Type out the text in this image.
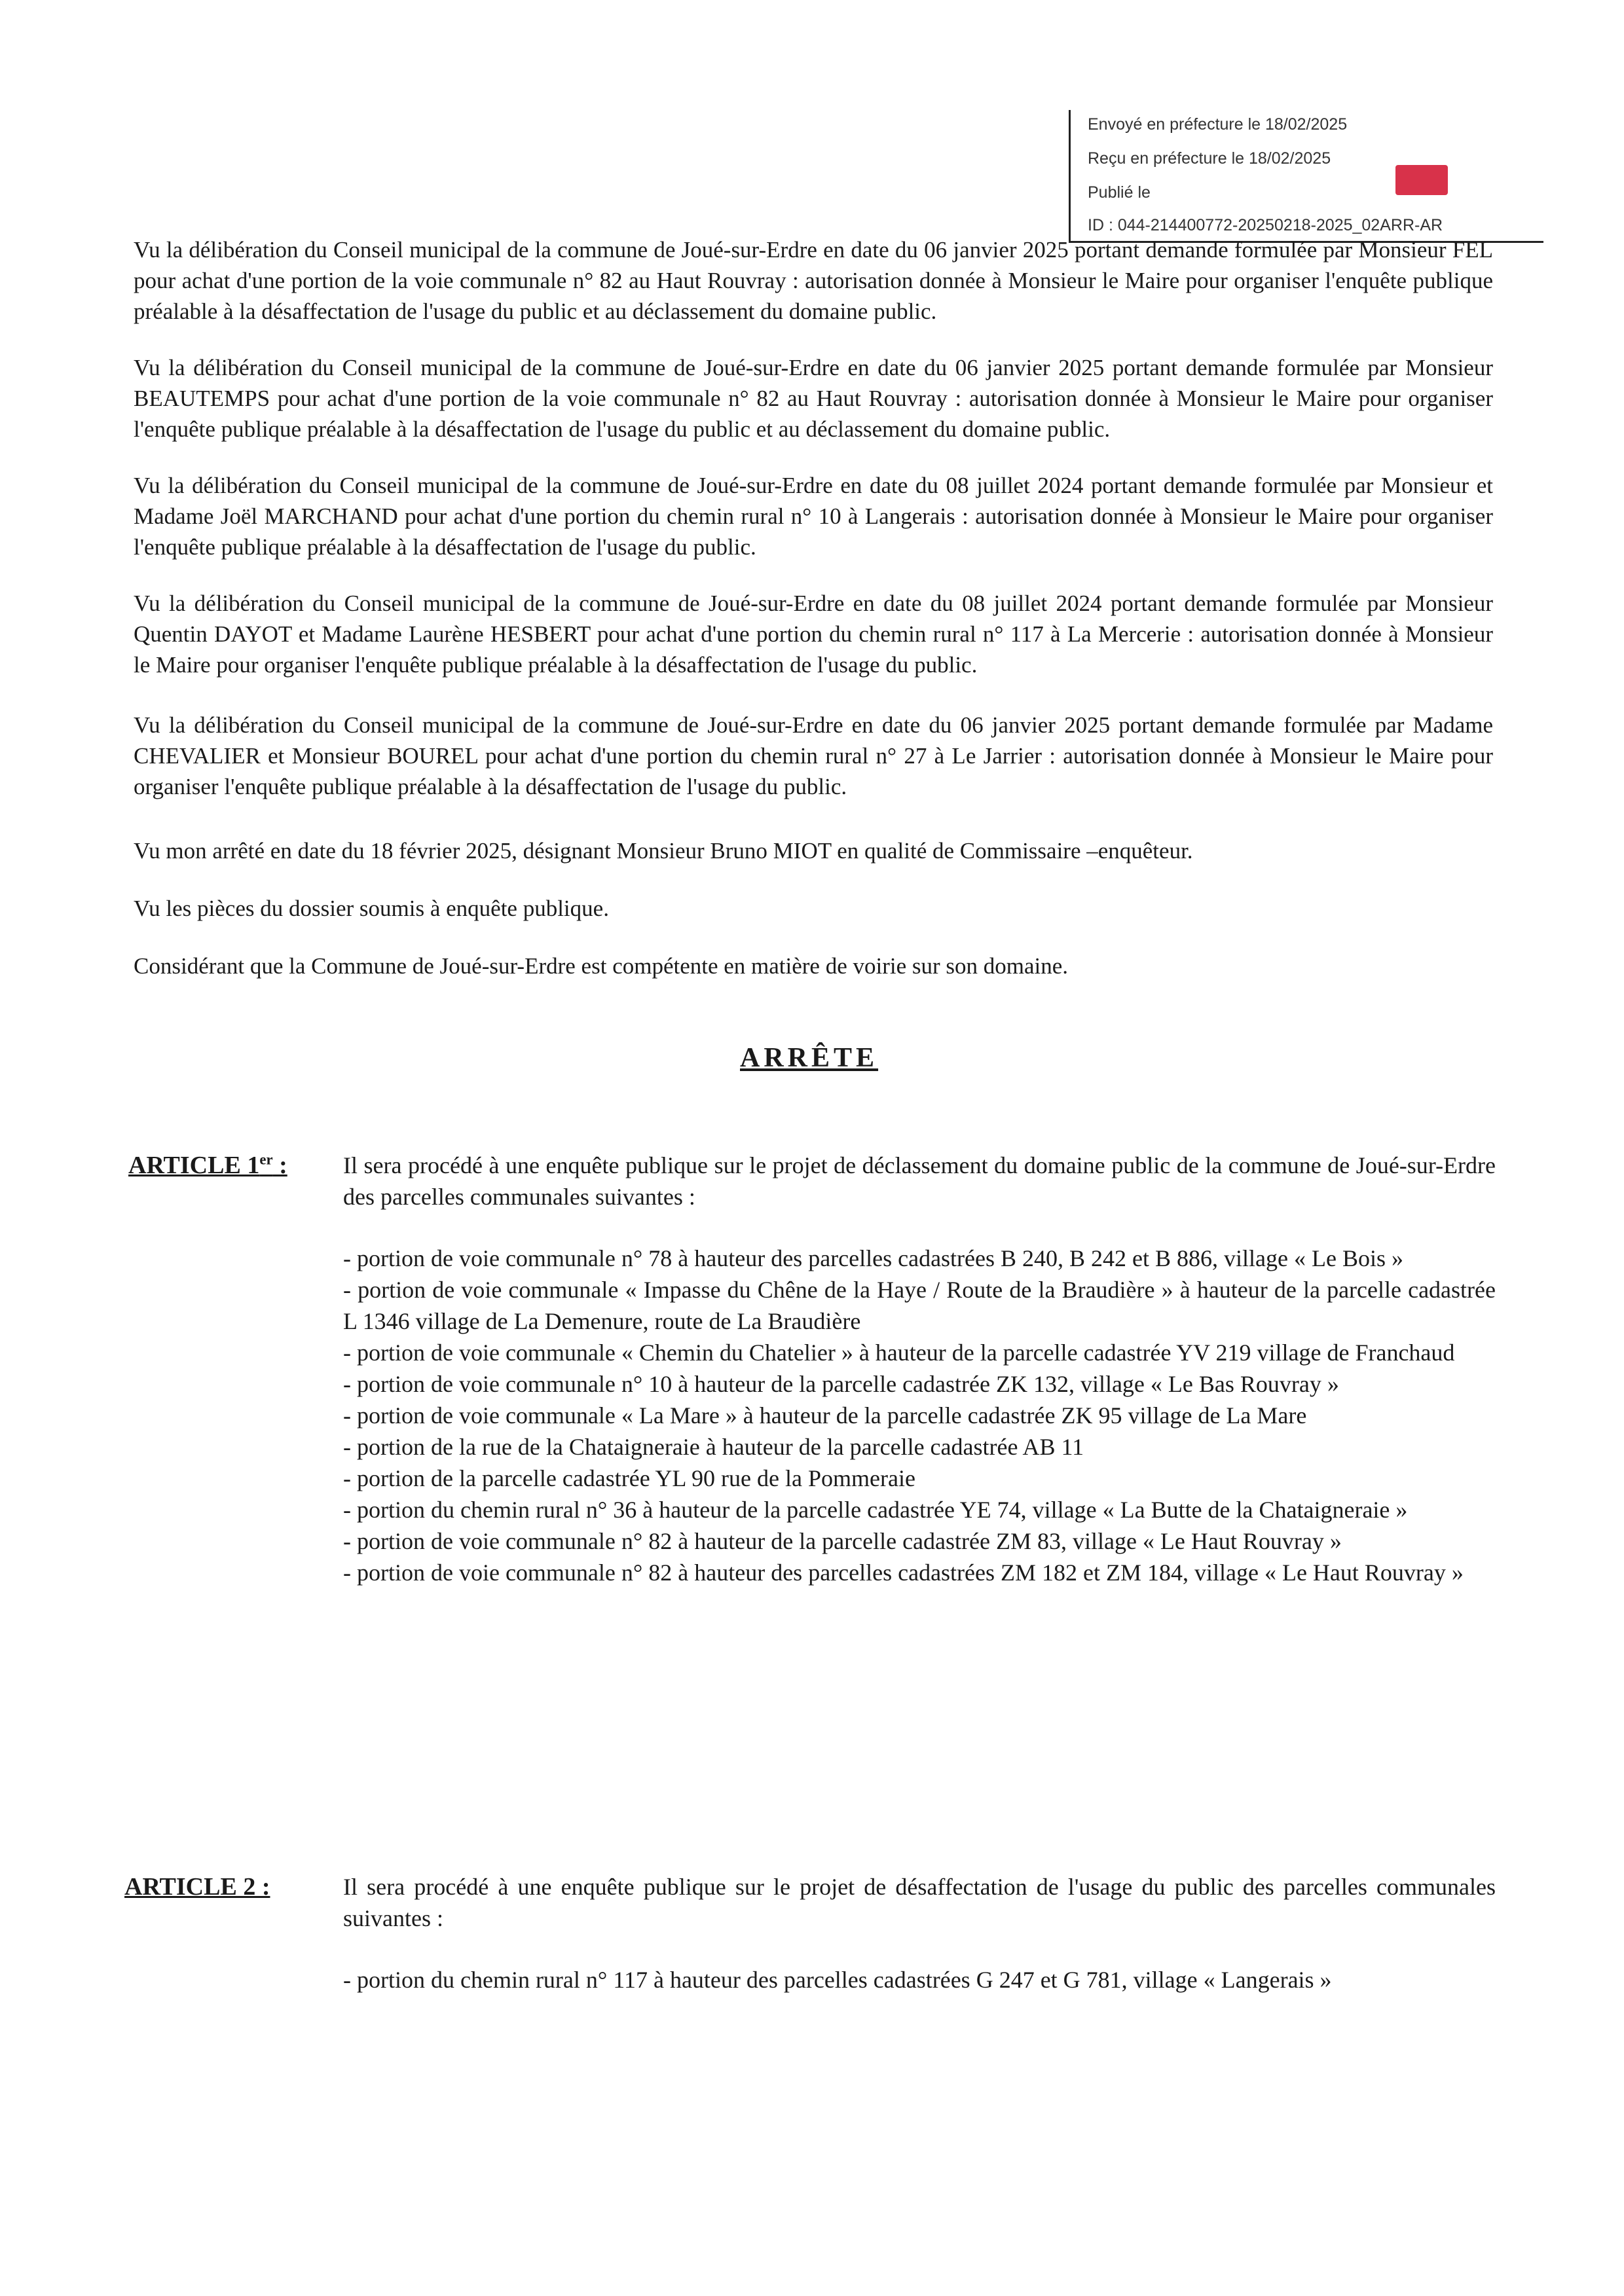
Envoyé en préfecture le 18/02/2025
Reçu en préfecture le 18/02/2025
Publié le
ID : 044-214400772-20250218-2025_02ARR-AR

Vu la délibération du Conseil municipal de la commune de Joué-sur-Erdre en date du 06 janvier 2025 portant demande formulée par Monsieur FEL pour achat d'une portion de la voie communale n° 82 au Haut Rouvray : autorisation donnée à Monsieur le Maire pour organiser l'enquête publique préalable à la désaffectation de l'usage du public et au déclassement du domaine public.

Vu la délibération du Conseil municipal de la commune de Joué-sur-Erdre en date du 06 janvier 2025 portant demande formulée par Monsieur BEAUTEMPS pour achat d'une portion de la voie communale n° 82 au Haut Rouvray : autorisation donnée à Monsieur le Maire pour organiser l'enquête publique préalable à la désaffectation de l'usage du public et au déclassement du domaine public.

Vu la délibération du Conseil municipal de la commune de Joué-sur-Erdre en date du 08 juillet 2024 portant demande formulée par Monsieur et Madame Joël MARCHAND pour achat d'une portion du chemin rural n° 10 à Langerais : autorisation donnée à Monsieur le Maire pour organiser l'enquête publique préalable à la désaffectation de l'usage du public.

Vu la délibération du Conseil municipal de la commune de Joué-sur-Erdre en date du 08 juillet 2024 portant demande formulée par Monsieur Quentin DAYOT et Madame Laurène HESBERT pour achat d'une portion du chemin rural n° 117 à La Mercerie : autorisation donnée à Monsieur le Maire pour organiser l'enquête publique préalable à la désaffectation de l'usage du public.

Vu la délibération du Conseil municipal de la commune de Joué-sur-Erdre en date du 06 janvier 2025 portant demande formulée par Madame CHEVALIER et Monsieur BOUREL pour achat d'une portion du chemin rural n° 27 à Le Jarrier : autorisation donnée à Monsieur le Maire pour organiser l'enquête publique préalable à la désaffectation de l'usage du public.

Vu mon arrêté en date du 18 février 2025, désignant Monsieur Bruno MIOT en qualité de Commissaire –enquêteur.

Vu les pièces du dossier soumis à enquête publique.

Considérant que la Commune de Joué-sur-Erdre est compétente en matière de voirie sur son domaine.

ARRÊTE
ARTICLE 1er : Il sera procédé à une enquête publique sur le projet de déclassement du domaine public de la commune de Joué-sur-Erdre des parcelles communales suivantes :

- portion de voie communale n° 78 à hauteur des parcelles cadastrées B 240, B 242 et B 886, village « Le Bois »
- portion de voie communale « Impasse du Chêne de la Haye / Route de la Braudière » à hauteur de la parcelle cadastrée L 1346 village de La Demenure, route de La Braudière
- portion de voie communale « Chemin du Chatelier » à hauteur de la parcelle cadastrée YV 219 village de Franchaud
- portion de voie communale n° 10 à hauteur de la parcelle cadastrée ZK 132, village « Le Bas Rouvray »
- portion de voie communale « La Mare » à hauteur de la parcelle cadastrée ZK 95 village de La Mare
- portion de la rue de la Chataigneraie à hauteur de la parcelle cadastrée AB 11
- portion de la parcelle cadastrée YL 90 rue de la Pommeraie
- portion du chemin rural n° 36 à hauteur de la parcelle cadastrée YE 74, village « La Butte de la Chataigneraie »
- portion de voie communale n° 82 à hauteur de la parcelle cadastrée ZM 83, village « Le Haut Rouvray »
- portion de voie communale n° 82 à hauteur des parcelles cadastrées ZM 182 et ZM 184, village « Le Haut Rouvray »
ARTICLE 2 :	Il sera procédé à une enquête publique sur le projet de désaffectation de l'usage du public des parcelles communales suivantes :

- portion du chemin rural n° 117 à hauteur des parcelles cadastrées G 247 et G 781, village « Langerais »
